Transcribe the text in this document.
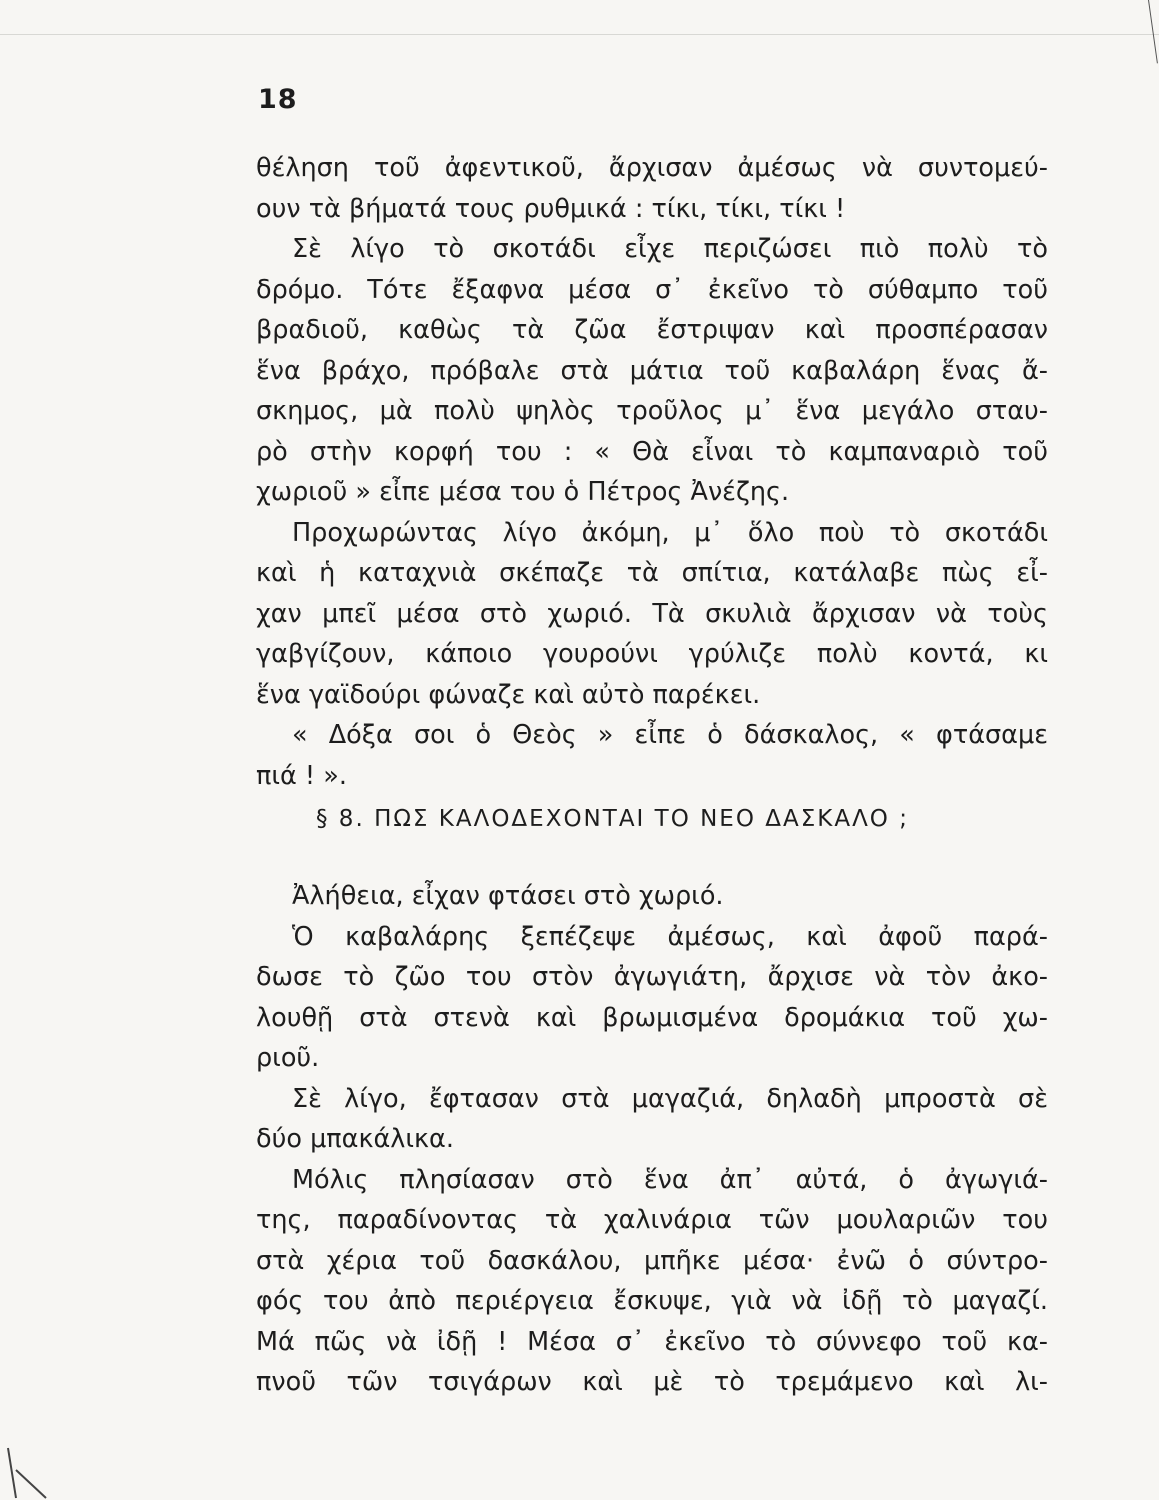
18
θέληση τοῦ ἀφεντικοῦ, ἄρχισαν ἀμέσως νὰ συντομεύ-
ουν τὰ βήματά τους ρυθμικά : τίκι, τίκι, τίκι !
Σὲ λίγο τὸ σκοτάδι εἶχε περιζώσει πιὸ πολὺ τὸ
δρόμο. Τότε ἔξαφνα μέσα σ᾽ ἐκεῖνο τὸ σύθαμπο τοῦ
βραδιοῦ, καθὼς τὰ ζῶα ἔστριψαν καὶ προσπέρασαν
ἕνα βράχο, πρόβαλε στὰ μάτια τοῦ καβαλάρη ἕνας ἄ-
σκημος, μὰ πολὺ ψηλὸς τροῦλος μ᾽ ἕνα μεγάλο σταυ-
ρὸ στὴν κορφή του : « Θὰ εἶναι τὸ καμπαναριὸ τοῦ
χωριοῦ » εἶπε μέσα του ὁ Πέτρος Ἀνέζης.
Προχωρώντας λίγο ἀκόμη, μ᾽ ὅλο ποὺ τὸ σκοτάδι
καὶ ἡ καταχνιὰ σκέπαζε τὰ σπίτια, κατάλαβε πὼς εἶ-
χαν μπεῖ μέσα στὸ χωριό. Τὰ σκυλιὰ ἄρχισαν νὰ τοὺς
γαβγίζουν, κάποιο γουρούνι γρύλιζε πολὺ κοντά, κι
ἕνα γαϊδούρι φώναζε καὶ αὐτὸ παρέκει.
« Δόξα σοι ὁ Θεὸς » εἶπε ὁ δάσκαλος, « φτάσαμε
πιά ! ».
§ 8. ΠΩΣ ΚΑΛΟΔΕΧΟΝΤΑΙ ΤΟ ΝΕΟ ΔΑΣΚΑΛΟ ;
Ἀλήθεια, εἶχαν φτάσει στὸ χωριό.
Ὁ καβαλάρης ξεπέζεψε ἀμέσως, καὶ ἀφοῦ παρά-
δωσε τὸ ζῶο του στὸν ἀγωγιάτη, ἄρχισε νὰ τὸν ἀκο-
λουθῇ στὰ στενὰ καὶ βρωμισμένα δρομάκια τοῦ χω-
ριοῦ.
Σὲ λίγο, ἔφτασαν στὰ μαγαζιά, δηλαδὴ μπροστὰ σὲ
δύο μπακάλικα.
Μόλις πλησίασαν στὸ ἕνα ἀπ᾽ αὐτά, ὁ ἀγωγιά-
της, παραδίνοντας τὰ χαλινάρια τῶν μουλαριῶν του
στὰ χέρια τοῦ δασκάλου, μπῆκε μέσα· ἐνῶ ὁ σύντρο-
φός του ἀπὸ περιέργεια ἔσκυψε, γιὰ νὰ ἰδῇ τὸ μαγαζί.
Μά πῶς νὰ ἰδῇ ! Μέσα σ᾽ ἐκεῖνο τὸ σύννεφο τοῦ κα-
πνοῦ τῶν τσιγάρων καὶ μὲ τὸ τρεμάμενο καὶ λι-
